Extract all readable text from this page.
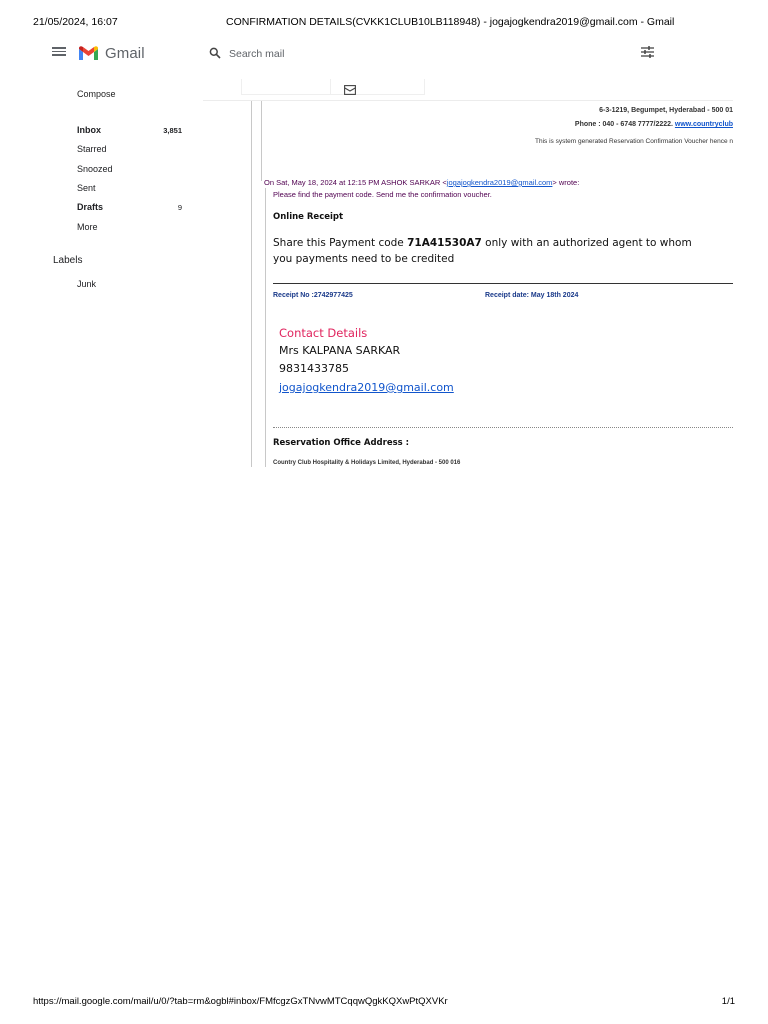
21/05/2024, 16:07	CONFIRMATION DETAILS(CVKK1CLUB10LB118948) - jogajogkendra2019@gmail.com - Gmail
Gmail
Search mail
Compose
Inbox	3,851
Starred
Snoozed
Sent
Drafts	9
More
Labels
Junk
6-3-1219, Begumpet, Hyderabad - 500 01
Phone : 040 - 6748 7777/2222. www.countryclub
This is system generated Reservation Confirmation Voucher hence n
On Sat, May 18, 2024 at 12:15 PM ASHOK SARKAR <jogajogkendra2019@gmail.com> wrote:
Please find the payment code. Send me the confirmation voucher.
Online Receipt
Share this Payment code 71A41530A7 only with an authorized agent to whom you payments need to be credited
Receipt No :2742977425	Receipt date: May 18th 2024
Contact Details
Mrs KALPANA SARKAR
9831433785
jogajogkendra2019@gmail.com
Reservation Office Address :
Country Club Hospitality & Holidays Limited, Hyderabad - 500 016
https://mail.google.com/mail/u/0/?tab=rm&ogbl#inbox/FMfcgzGxTNvwMTCqqwQgkKQXwPtQXVKr	1/1
